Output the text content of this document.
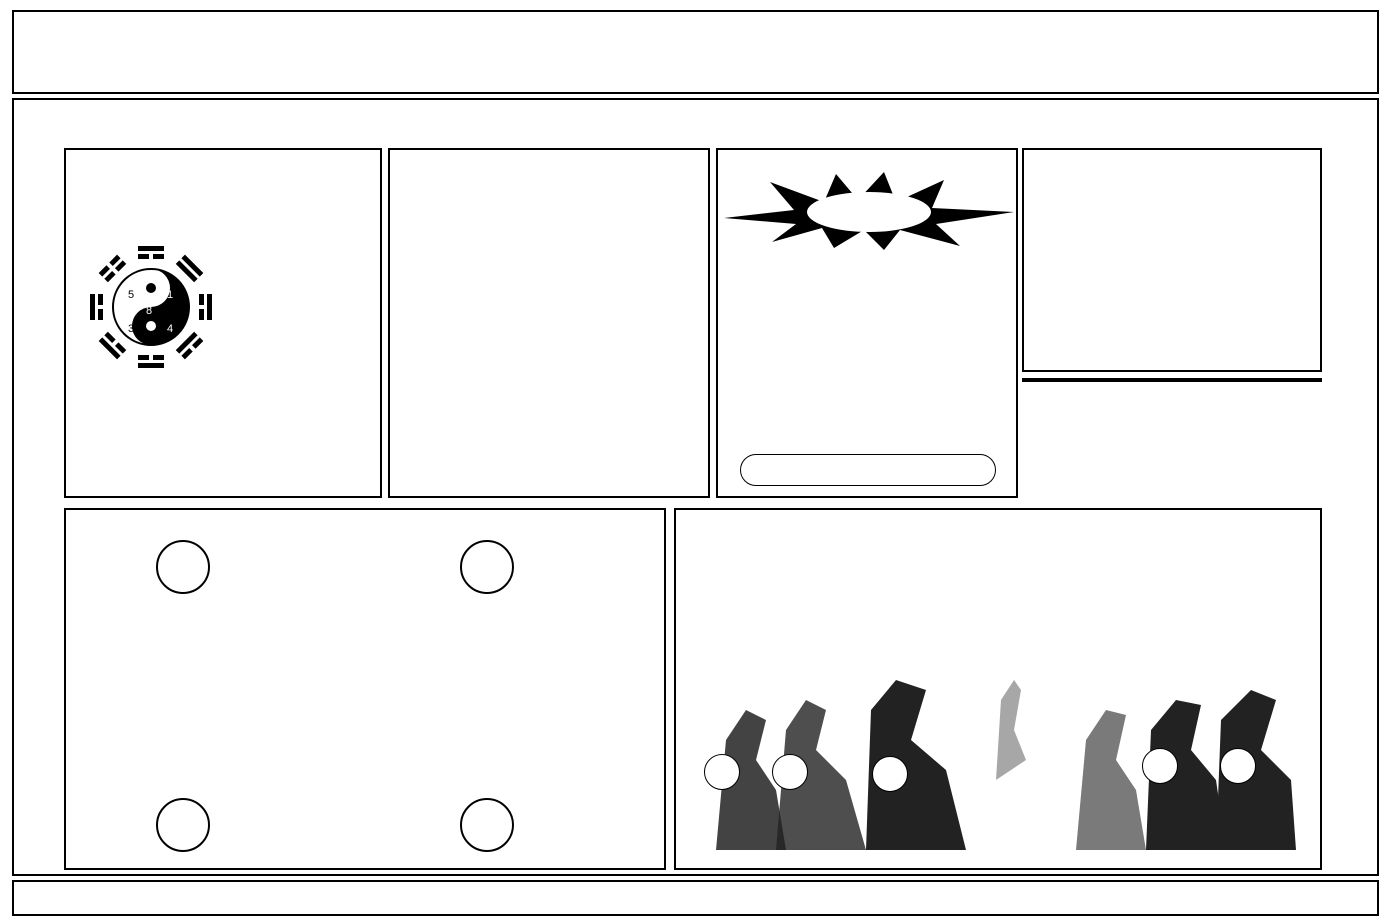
5	1
8
3	4
